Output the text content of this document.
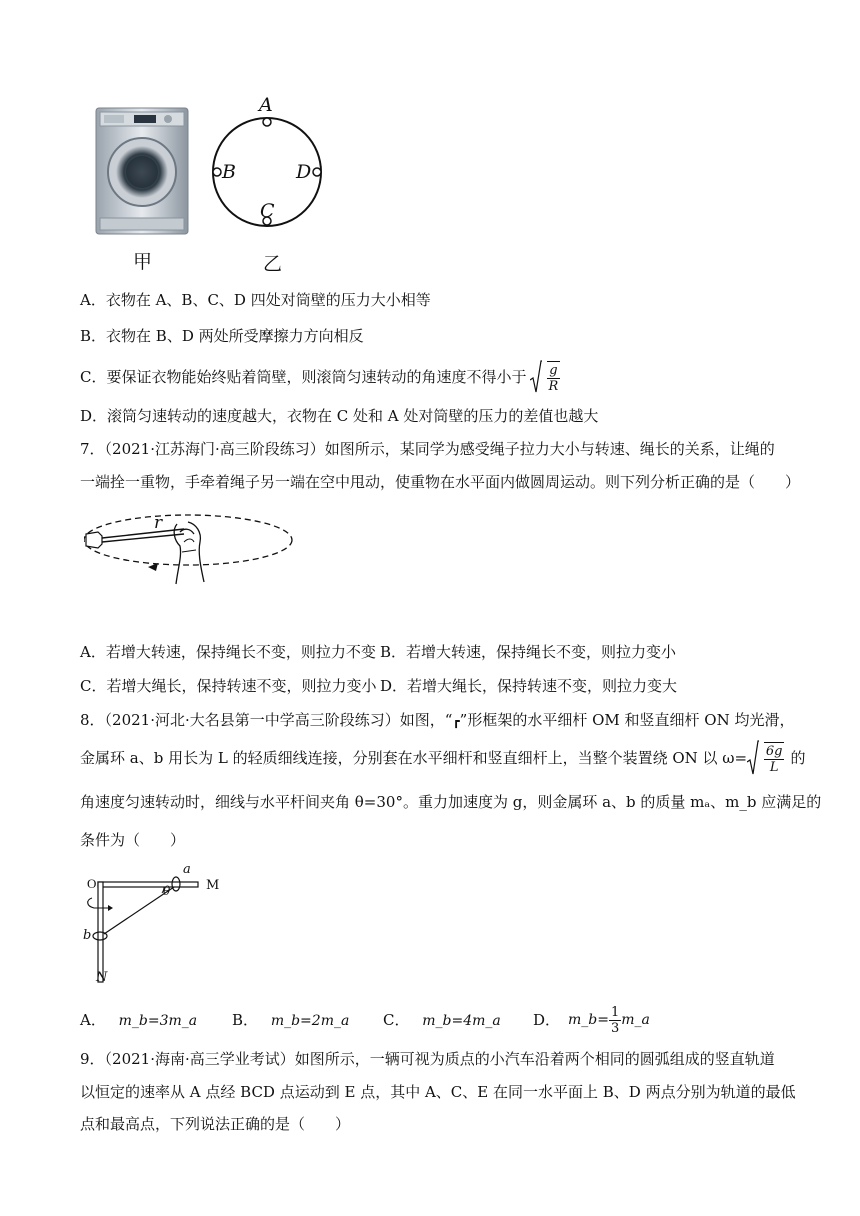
A
B	D
C
甲	乙
A．衣物在 A、B、C、D 四处对筒壁的压力大小相等
B．衣物在 B、D 两处所受摩擦力方向相反
C．要保证衣物能始终贴着筒壁，则滚筒匀速转动的角速度不得小于
$\frac{g}{R}$
D．滚筒匀速转动的速度越大，衣物在 C 处和 A 处对筒壁的压力的差值也越大
7．（2021·江苏海门·高三阶段练习）如图所示，某同学为感受绳子拉力大小与转速、绳长的关系，让绳的
一端拴一重物，手牵着绳子另一端在空中甩动，使重物在水平面内做圆周运动。则下列分析正确的是（　　）
r
A．若增大转速，保持绳长不变，则拉力不变 B．若增大转速，保持绳长不变，则拉力变小
C．若增大绳长，保持转速不变，则拉力变小 D．若增大绳长，保持转速不变，则拉力变大
8．（2021·河北·大名县第一中学高三阶段练习）如图，“┏”形框架的水平细杆 OM 和竖直细杆 ON 均光滑，
金属环 a、b 用长为 L 的轻质细线连接，分别套在水平细杆和竖直细杆上，当整个装置绕 ON 以 ω=
$\frac{6g}{L}$ 的
角速度匀速转动时，细线与水平杆间夹角 θ=30°。重力加速度为 g，则金属环 a、b 的质量 mₐ、m_b 应满足的
条件为（　　）
O	M
a
θ
b
N
A． m_b=3m_a B． m_b=2m_a C． m_b=4m_a D． m_b= $\frac{1}{3}$ m_a
9．（2021·海南·高三学业考试）如图所示，一辆可视为质点的小汽车沿着两个相同的圆弧组成的竖直轨道
以恒定的速率从 A 点经 BCD 点运动到 E 点，其中 A、C、E 在同一水平面上 B、D 两点分别为轨道的最低
点和最高点，下列说法正确的是（　　）
